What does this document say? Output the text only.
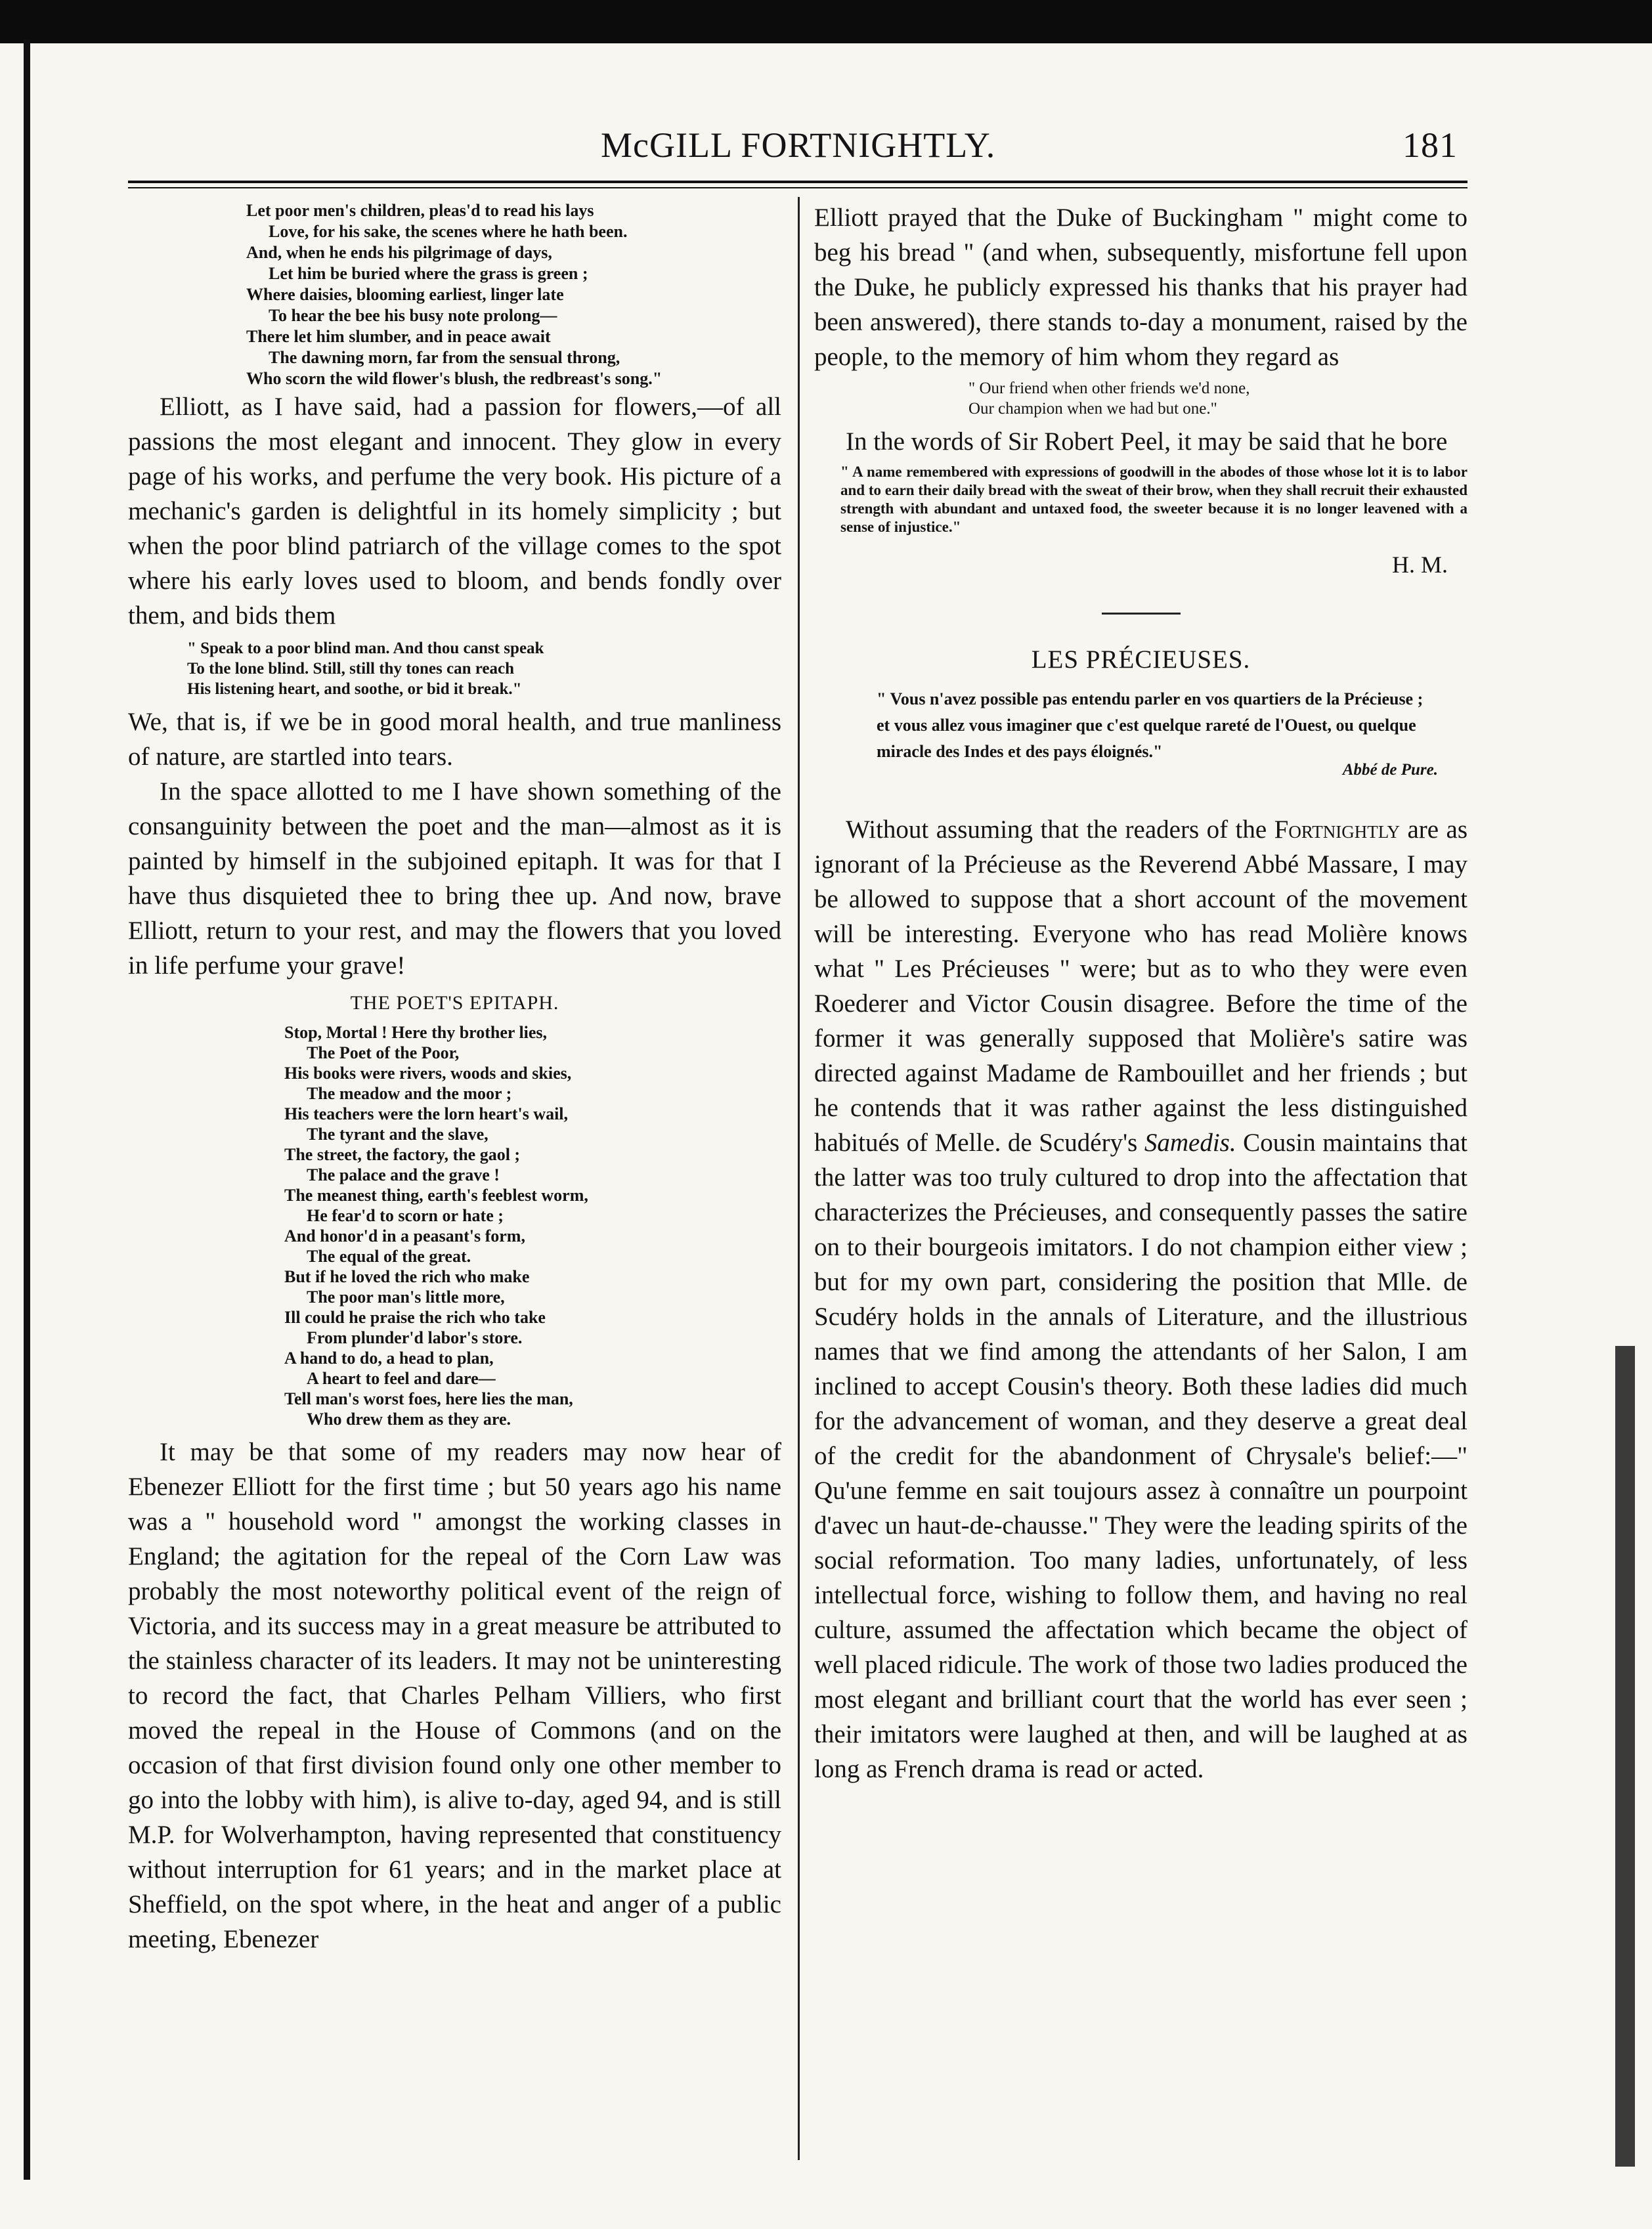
McGILL FORTNIGHTLY.	181
Let poor men's children, pleas'd to read his lays
Love, for his sake, the scenes where he hath been.
And, when he ends his pilgrimage of days,
Let him be buried where the grass is green ;
Where daisies, blooming earliest, linger late
To hear the bee his busy note prolong—
There let him slumber, and in peace await
The dawning morn, far from the sensual throng,
Who scorn the wild flower's blush, the redbreast's song."

Elliott, as I have said, had a passion for flowers,—of all passions the most elegant and innocent. They glow in every page of his works, and perfume the very book. His picture of a mechanic's garden is delightful in its homely simplicity ; but when the poor blind patriarch of the village comes to the spot where his early loves used to bloom, and bends fondly over them, and bids them

" Speak to a poor blind man. And thou canst speak
To the lone blind. Still, still thy tones can reach
His listening heart, and soothe, or bid it break."

We, that is, if we be in good moral health, and true manliness of nature, are startled into tears.

In the space allotted to me I have shown something of the consanguinity between the poet and the man—almost as it is painted by himself in the subjoined epitaph. It was for that I have thus disquieted thee to bring thee up. And now, brave Elliott, return to your rest, and may the flowers that you loved in life perfume your grave!

THE POET'S EPITAPH.
Stop, Mortal ! Here thy brother lies,
The Poet of the Poor,
His books were rivers, woods and skies,
The meadow and the moor ;
His teachers were the lorn heart's wail,
The tyrant and the slave,
The street, the factory, the gaol ;
The palace and the grave !
The meanest thing, earth's feeblest worm,
He fear'd to scorn or hate ;
And honor'd in a peasant's form,
The equal of the great.
But if he loved the rich who make
The poor man's little more,
Ill could he praise the rich who take
From plunder'd labor's store.
A hand to do, a head to plan,
A heart to feel and dare—
Tell man's worst foes, here lies the man,
Who drew them as they are.

It may be that some of my readers may now hear of Ebenezer Elliott for the first time ; but 50 years ago his name was a " household word " amongst the working classes in England; the agitation for the repeal of the Corn Law was probably the most noteworthy political event of the reign of Victoria, and its success may in a great measure be attributed to the stainless character of its leaders. It may not be uninteresting to record the fact, that Charles Pelham Villiers, who first moved the repeal in the House of Commons (and on the occasion of that first division found only one other member to go into the lobby with him), is alive to-day, aged 94, and is still M.P. for Wolverhampton, having represented that constituency without interruption for 61 years; and in the market place at Sheffield, on the spot where, in the heat and anger of a public meeting, Ebenezer

Elliott prayed that the Duke of Buckingham " might come to beg his bread " (and when, subsequently, misfortune fell upon the Duke, he publicly expressed his thanks that his prayer had been answered), there stands to-day a monument, raised by the people, to the memory of him whom they regard as

" Our friend when other friends we'd none,
Our champion when we had but one."

In the words of Sir Robert Peel, it may be said that he bore

" A name remembered with expressions of goodwill in the abodes of those whose lot it is to labor and to earn their daily bread with the sweat of their brow, when they shall recruit their exhausted strength with abundant and untaxed food, the sweeter because it is no longer leavened with a sense of injustice."
H. M.
LES PRÉCIEUSES.
" Vous n'avez possible pas entendu parler en vos quartiers de la Précieuse ; et vous allez vous imaginer que c'est quelque rareté de l'Ouest, ou quelque miracle des Indes et des pays éloignés."
Abbé de Pure.

Without assuming that the readers of the Fortnightly are as ignorant of la Précieuse as the Reverend Abbé Massare, I may be allowed to suppose that a short account of the movement will be interesting. Everyone who has read Molière knows what " Les Précieuses " were; but as to who they were even Roederer and Victor Cousin disagree. Before the time of the former it was generally supposed that Molière's satire was directed against Madame de Rambouillet and her friends ; but he contends that it was rather against the less distinguished habitués of Melle. de Scudéry's Samedis. Cousin maintains that the latter was too truly cultured to drop into the affectation that characterizes the Précieuses, and consequently passes the satire on to their bourgeois imitators. I do not champion either view ; but for my own part, considering the position that Mlle. de Scudéry holds in the annals of Literature, and the illustrious names that we find among the attendants of her Salon, I am inclined to accept Cousin's theory. Both these ladies did much for the advancement of woman, and they deserve a great deal of the credit for the abandonment of Chrysale's belief:—" Qu'une femme en sait toujours assez à connaître un pourpoint d'avec un haut-de-chausse." They were the leading spirits of the social reformation. Too many ladies, unfortunately, of less intellectual force, wishing to follow them, and having no real culture, assumed the affectation which became the object of well placed ridicule. The work of those two ladies produced the most elegant and brilliant court that the world has ever seen ; their imitators were laughed at then, and will be laughed at as long as French drama is read or acted.
